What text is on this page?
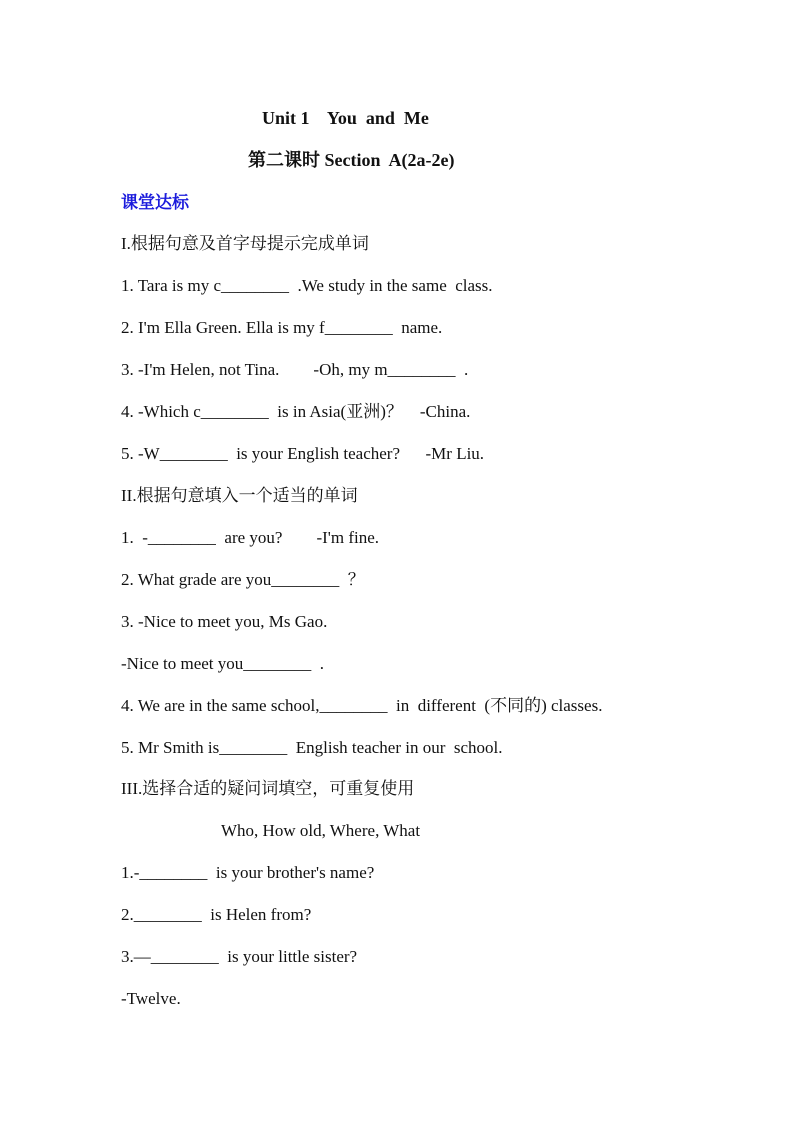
Unit 1    You  and  Me
第二课时 Section  A(2a-2e)
课堂达标
I.根据句意及首字母提示完成单词
1. Tara is my c________  .We study in the same  class.
2. I'm Ella Green. Ella is my f________  name.
3. -I'm Helen, not Tina.        -Oh, my m________  .
4. -Which c________  is in Asia(亚洲)？    -China.
5. -W________  is your English teacher?      -Mr Liu.
II.根据句意填入一个适当的单词
1.  -________  are you?        -I'm fine.
2. What grade are you________  ？
3. -Nice to meet you, Ms Gao.
-Nice to meet you________  .
4. We are in the same school,________  in  different  (不同的) classes.
5. Mr Smith is________  English teacher in our  school.
III.选择合适的疑问词填空，可重复使用
Who, How old, Where, What
1.-________  is your brother's name?
2.________  is Helen from?
3.—________  is your little sister?
-Twelve.
